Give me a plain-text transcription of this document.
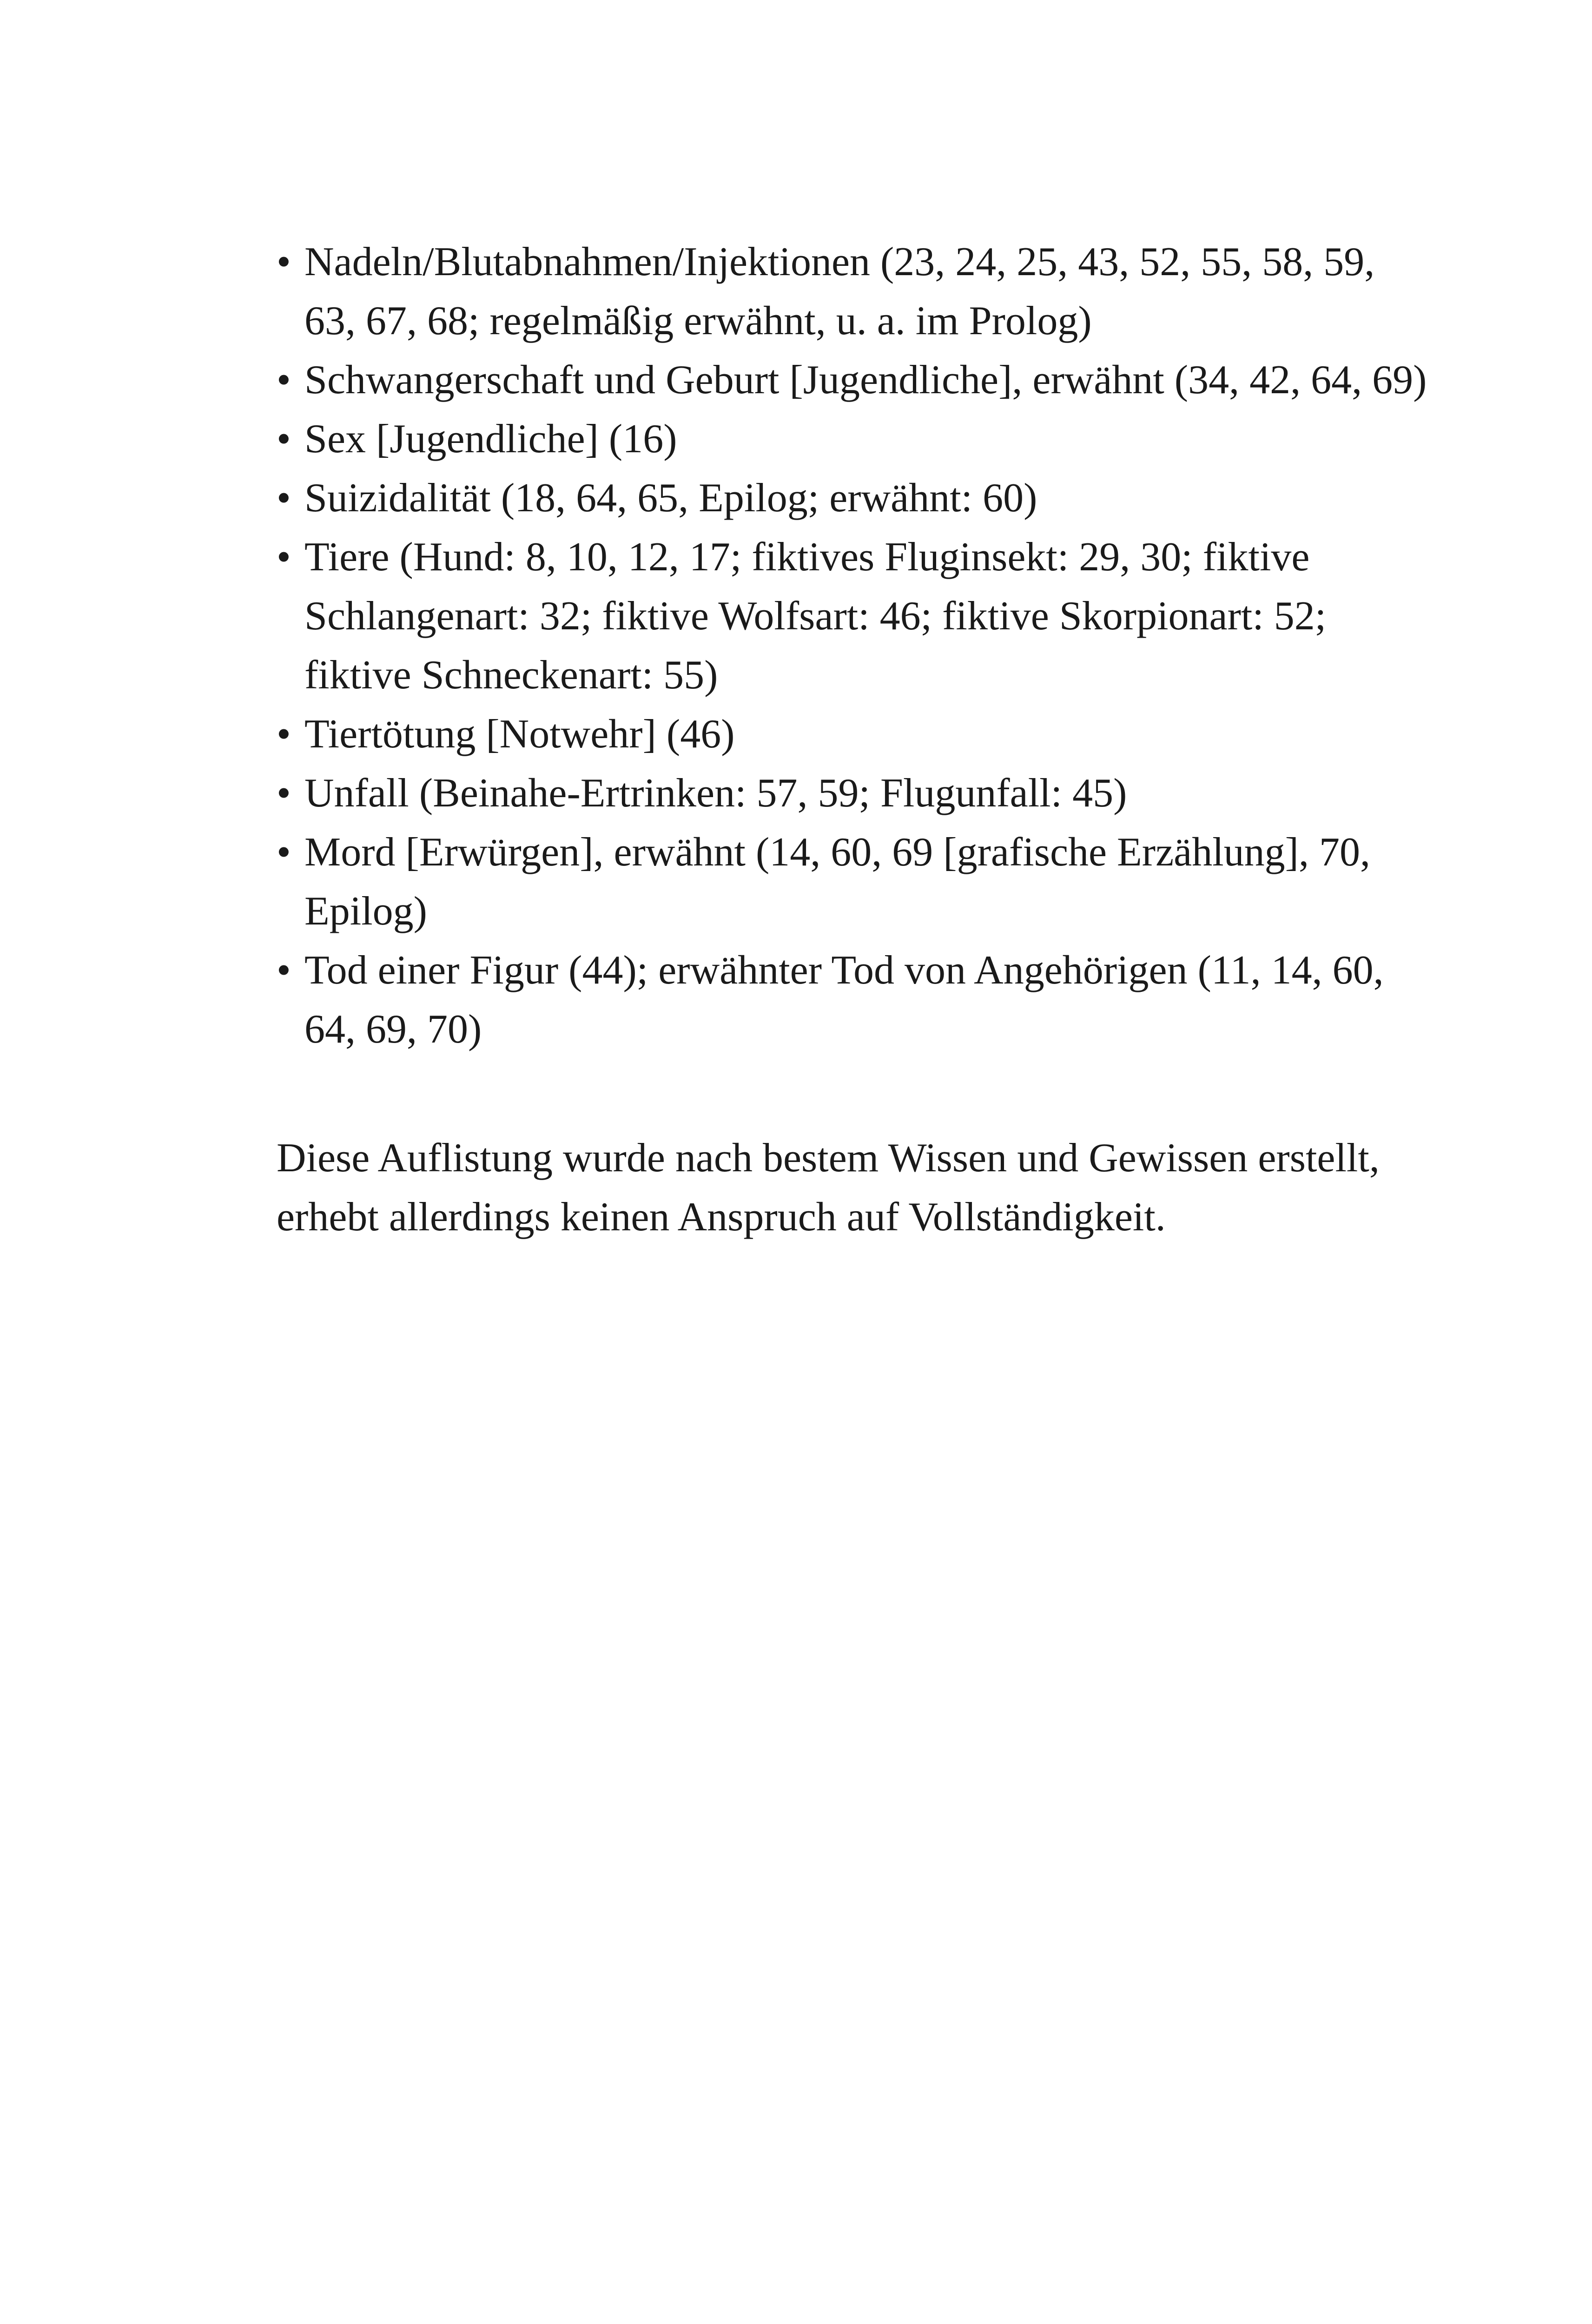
• Nadeln/Blutabnahmen/Injektionen (23, 24, 25, 43, 52, 55, 58, 59,
63, 67, 68; regelmäßig erwähnt, u. a. im Prolog)
• Schwangerschaft und Geburt [Jugendliche], erwähnt (34, 42, 64, 69)
• Sex [Jugendliche] (16)
• Suizidalität (18, 64, 65, Epilog; erwähnt: 60)
• Tiere (Hund: 8, 10, 12, 17; fiktives Fluginsekt: 29, 30; fiktive
Schlangenart: 32; fiktive Wolfsart: 46; fiktive Skorpionart: 52;
fiktive Schneckenart: 55)
• Tiertötung [Notwehr] (46)
• Unfall (Beinahe-Ertrinken: 57, 59; Flugunfall: 45)
• Mord [Erwürgen], erwähnt (14, 60, 69 [grafische Erzählung], 70,
Epilog)
• Tod einer Figur (44); erwähnter Tod von Angehörigen (11, 14, 60,
64, 69, 70)

Diese Auflistung wurde nach bestem Wissen und Gewissen erstellt,
erhebt allerdings keinen Anspruch auf Vollständigkeit.
